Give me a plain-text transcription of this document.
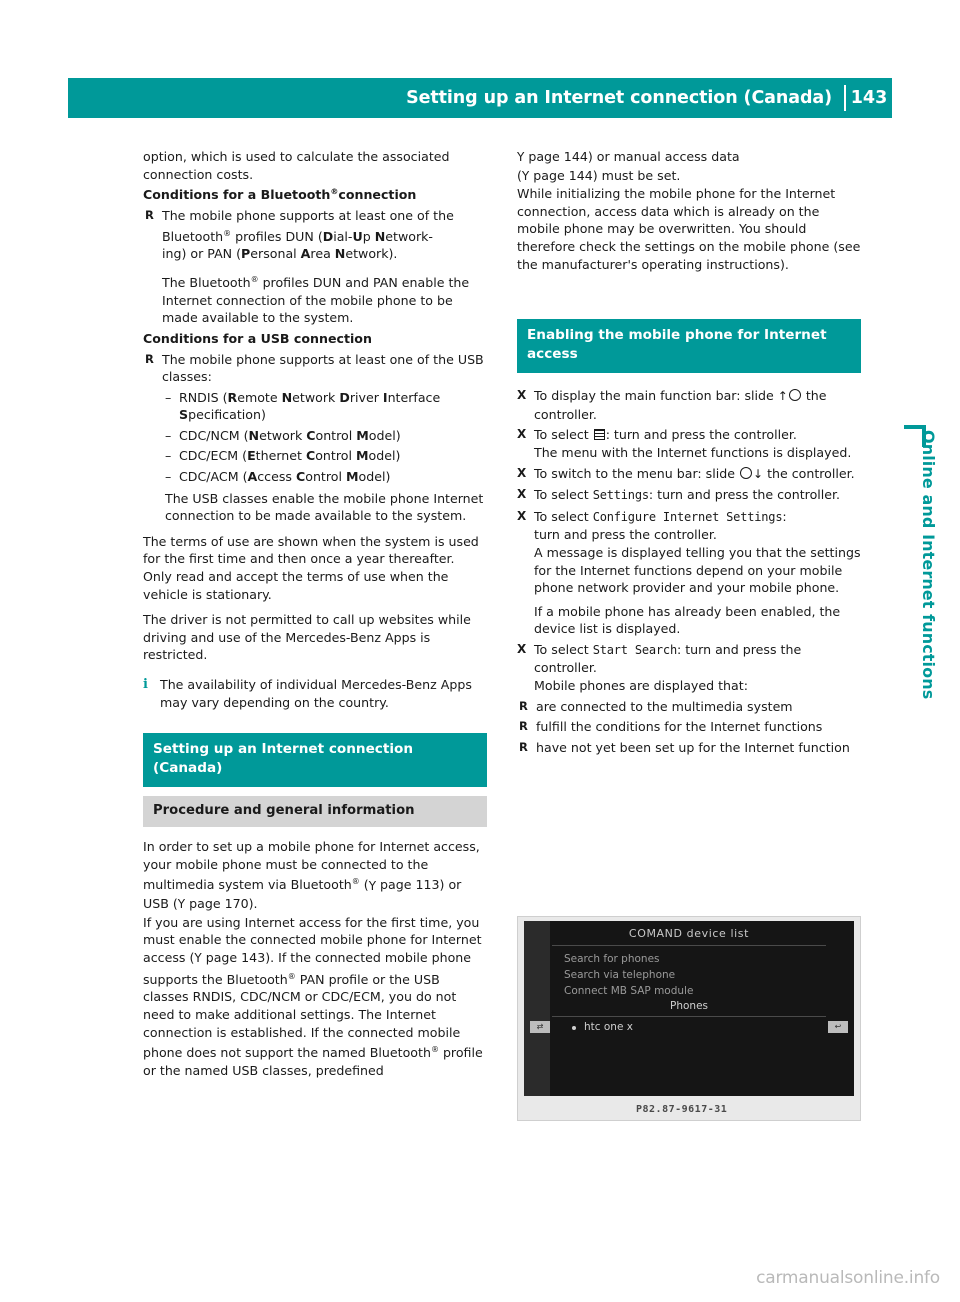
Setting up an Internet connection (Canada)	143
Online and Internet functions

option, which is used to calculate the associated connection costs.

Conditions for a Bluetooth®connection

R The mobile phone supports at least one of the
Bluetooth® profiles DUN (Dial-Up Network-
ing) or PAN (Personal Area Network).
The Bluetooth® profiles DUN and PAN enable the Internet connection of the mobile phone to be made available to the system.

Conditions for a USB connection

R The mobile phone supports at least one of the USB classes:
– RNDIS (Remote Network Driver Interface Specification)
– CDC/NCM (Network Control Model)
– CDC/ECM (Ethernet Control Model)
– CDC/ACM (Access Control Model)

The USB classes enable the mobile phone Internet connection to be made available to the system.

The terms of use are shown when the system is used for the first time and then once a year thereafter. Only read and accept the terms of use when the vehicle is stationary.

The driver is not permitted to call up websites while driving and use of the Mercedes-Benz Apps is restricted.

i The availability of individual Mercedes-Benz Apps may vary depending on the country.
Setting up an Internet connection (Canada)
Procedure and general information

In order to set up a mobile phone for Internet access, your mobile phone must be connected to the multimedia system via Bluetooth® (Y page 113) or USB (Y page 170).

If you are using Internet access for the first time, you must enable the connected mobile phone for Internet access (Y page 143). If the connected mobile phone supports the Bluetooth® PAN profile or the USB classes RNDIS, CDC/NCM or CDC/ECM, you do not need to make additional settings. The Internet connection is established. If the connected mobile phone does not support the named Bluetooth® profile or the named USB classes, predefined

Y page 144) or manual access data

(Y page 144) must be set.

While initializing the mobile phone for the Internet connection, access data which is already on the mobile phone may be overwritten. You should therefore check the settings on the mobile phone (see the manufacturer's operating instructions).

Enabling the mobile phone for Internet access
X To display the main function bar: slide ↑ the controller.
X To select : turn and press the controller.
The menu with the Internet functions is displayed.
X To switch to the menu bar: slide ↓ the controller.
X To select Settings: turn and press the controller.
X To select Configure Internet Settings:
turn and press the controller.
A message is displayed telling you that the settings for the Internet functions depend on your mobile phone network provider and your mobile phone.
If a mobile phone has already been enabled, the device list is displayed.
X To select Start Search: turn and press the controller.
Mobile phones are displayed that:
R are connected to the multimedia system
R fulfill the conditions for the Internet functions
R have not yet been set up for the Internet function
COMAND device list
Search for phones
Search via telephone
Connect MB SAP module
Phones
htc one x
⇄	↩
P82.87-9617-31
carmanualsonline.info
